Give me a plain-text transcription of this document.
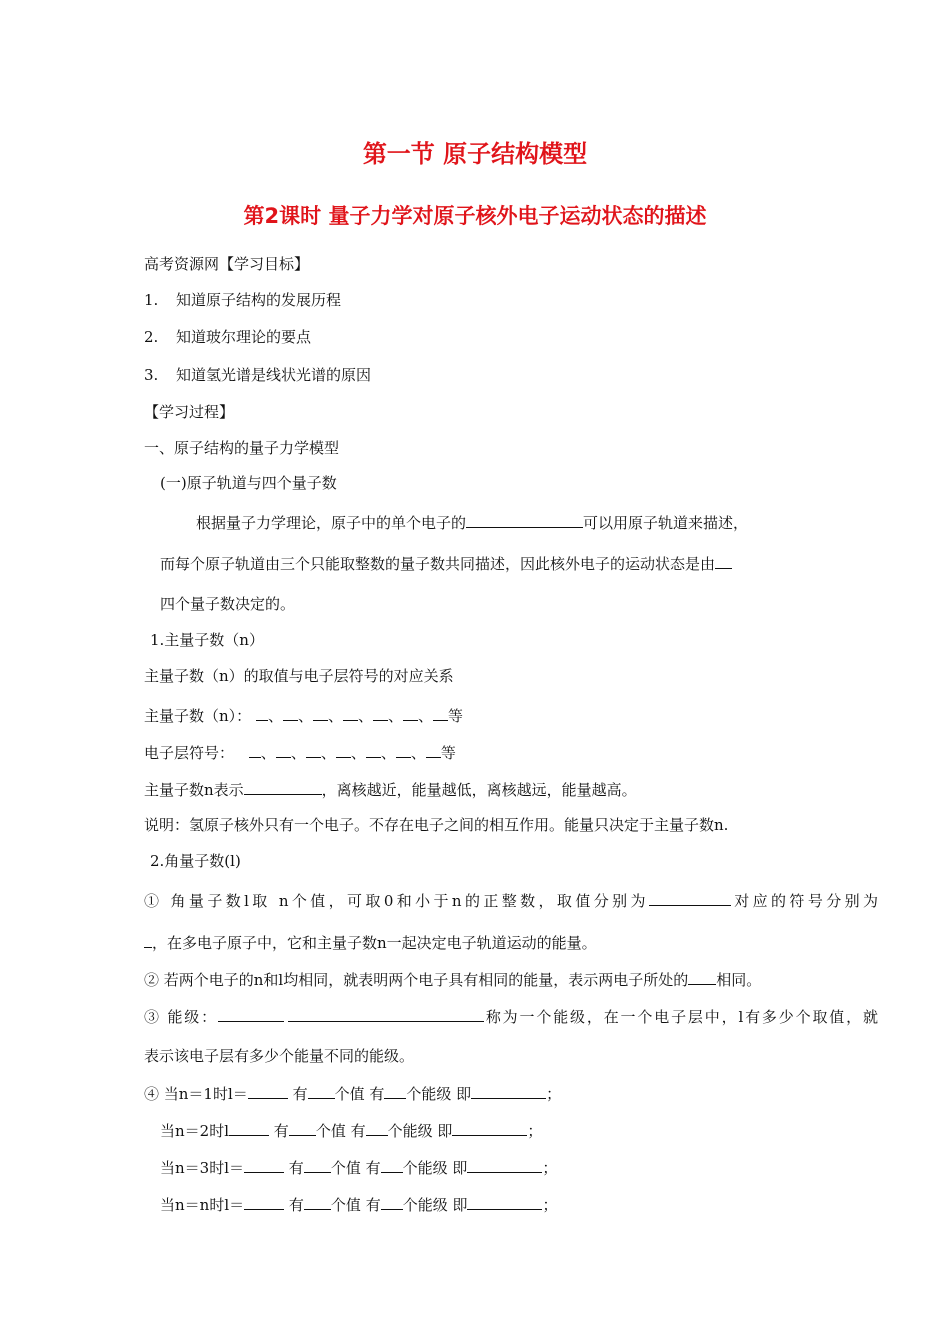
第一节 原子结构模型
第2课时 量子力学对原子核外电子运动状态的描述
高考资源网【学习目标】
1. 知道原子结构的发展历程
2. 知道玻尔理论的要点
3. 知道氢光谱是线状光谱的原因
【学习过程】
一、原子结构的量子力学模型
(一)原子轨道与四个量子数
根据量子力学理论，原子中的单个电子的	可以用原子轨道来描述，
而每个原子轨道由三个只能取整数的量子数共同描述，因此核外电子的运动状态是由
四个量子数决定的。
1.主量子数（n）
主量子数（n）的取值与电子层符号的对应关系
主量子数（n）： 、 、 、 、 、 、 等
电子层符号： 、 、 、 、 、 、 等
主量子数n表示	，离核越近，能量越低，离核越远，能量越高。
说明：氢原子核外只有一个电子。不存在电子之间的相互作用。能量只决定于主量子数n.
2.角量子数(l)
① 角量子数l取 n个值，可取0和小于n的正整数，取值分别为	对应的符号分别为
，在多电子原子中，它和主量子数n一起决定电子轨道运动的能量。
② 若两个电子的n和l均相同，就表明两个电子具有相同的能量，表示两电子所处的 相同。
③ 能级：	称为一个能级，在一个电子层中，l有多少个取值，就
表示该电子层有多少个能量不同的能级。
④ 当n＝1时l＝	有 个值 有 个能级 即	；
当n＝2时l	有 个值 有 个能级 即	；
当n＝3时l＝	有 个值 有 个能级 即	；
当n＝n时l＝	有 个值 有 个能级 即	；
